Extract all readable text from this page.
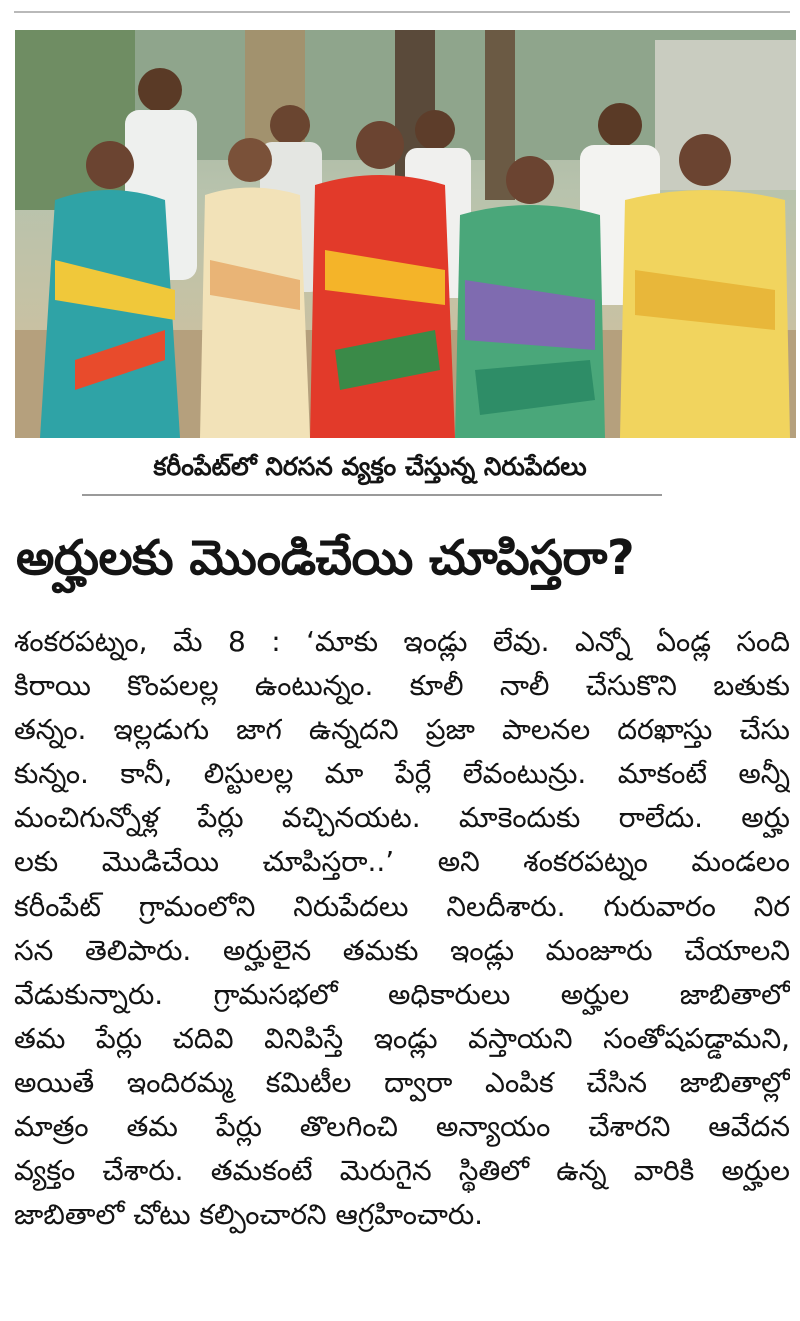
కరీంపేట్‌లో నిరసన వ్యక్తం చేస్తున్న నిరుపేదలు
అర్హులకు మొండిచేయి చూపిస్తరా?
శంకరపట్నం, మే 8 : ‘మాకు ఇండ్లు లేవు. ఎన్నో ఏండ్ల సంది
కిరాయి కొంపలల్ల ఉంటున్నం. కూలీ నాలీ చేసుకొని బతుకు
తన్నం. ఇల్లడుగు జాగ ఉన్నదని ప్రజా పాలనల దరఖాస్తు చేసు
కున్నం. కానీ, లిస్టులల్ల మా పేర్లే లేవంటున్రు. మాకంటే అన్నీ
మంచిగున్నోళ్ల పేర్లు వచ్చినయట. మాకెందుకు రాలేదు. అర్హు
లకు మొడిచేయి చూపిస్తరా..’ అని శంకరపట్నం మండలం
కరీంపేట్ గ్రామంలోని నిరుపేదలు నిలదీశారు. గురువారం నిర
సన తెలిపారు. అర్హులైన తమకు ఇండ్లు మంజూరు చేయాలని
వేడుకున్నారు. గ్రామసభలో అధికారులు అర్హుల జాబితాలో
తమ పేర్లు చదివి వినిపిస్తే ఇండ్లు వస్తాయని సంతోషపడ్డామని,
అయితే ఇందిరమ్మ కమిటీల ద్వారా ఎంపిక చేసిన జాబితాల్లో
మాత్రం తమ పేర్లు తొలగించి అన్యాయం చేశారని ఆవేదన
వ్యక్తం చేశారు. తమకంటే మెరుగైన స్థితిలో ఉన్న వారికి అర్హుల
జాబితాలో చోటు కల్పించారని ఆగ్రహించారు.
